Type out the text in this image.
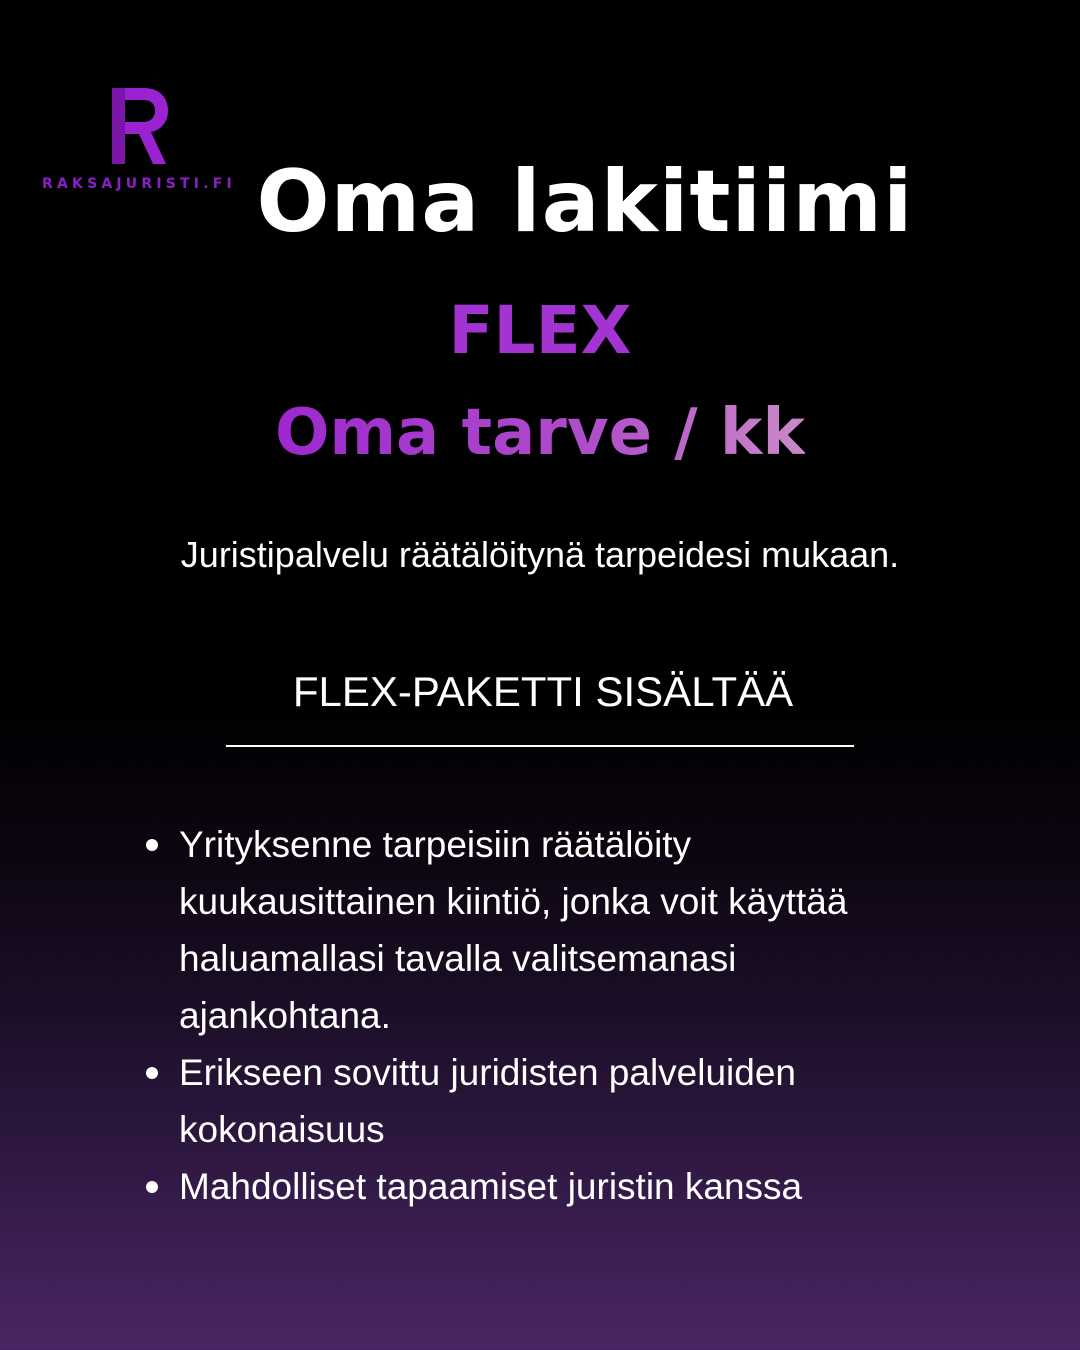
RAKSAJURISTI.FI Oma lakitiimi
FLEX
Oma tarve / kk
Juristipalvelu räätälöitynä tarpeidesi mukaan.
FLEX-PAKETTI SISÄLTÄÄ
Yrityksenne tarpeisiin räätälöity kuukausittainen kiintiö, jonka voit käyttää haluamallasi tavalla valitsemanasi ajankohtana.
Erikseen sovittu juridisten palveluiden kokonaisuus
Mahdolliset tapaamiset juristin kanssa
